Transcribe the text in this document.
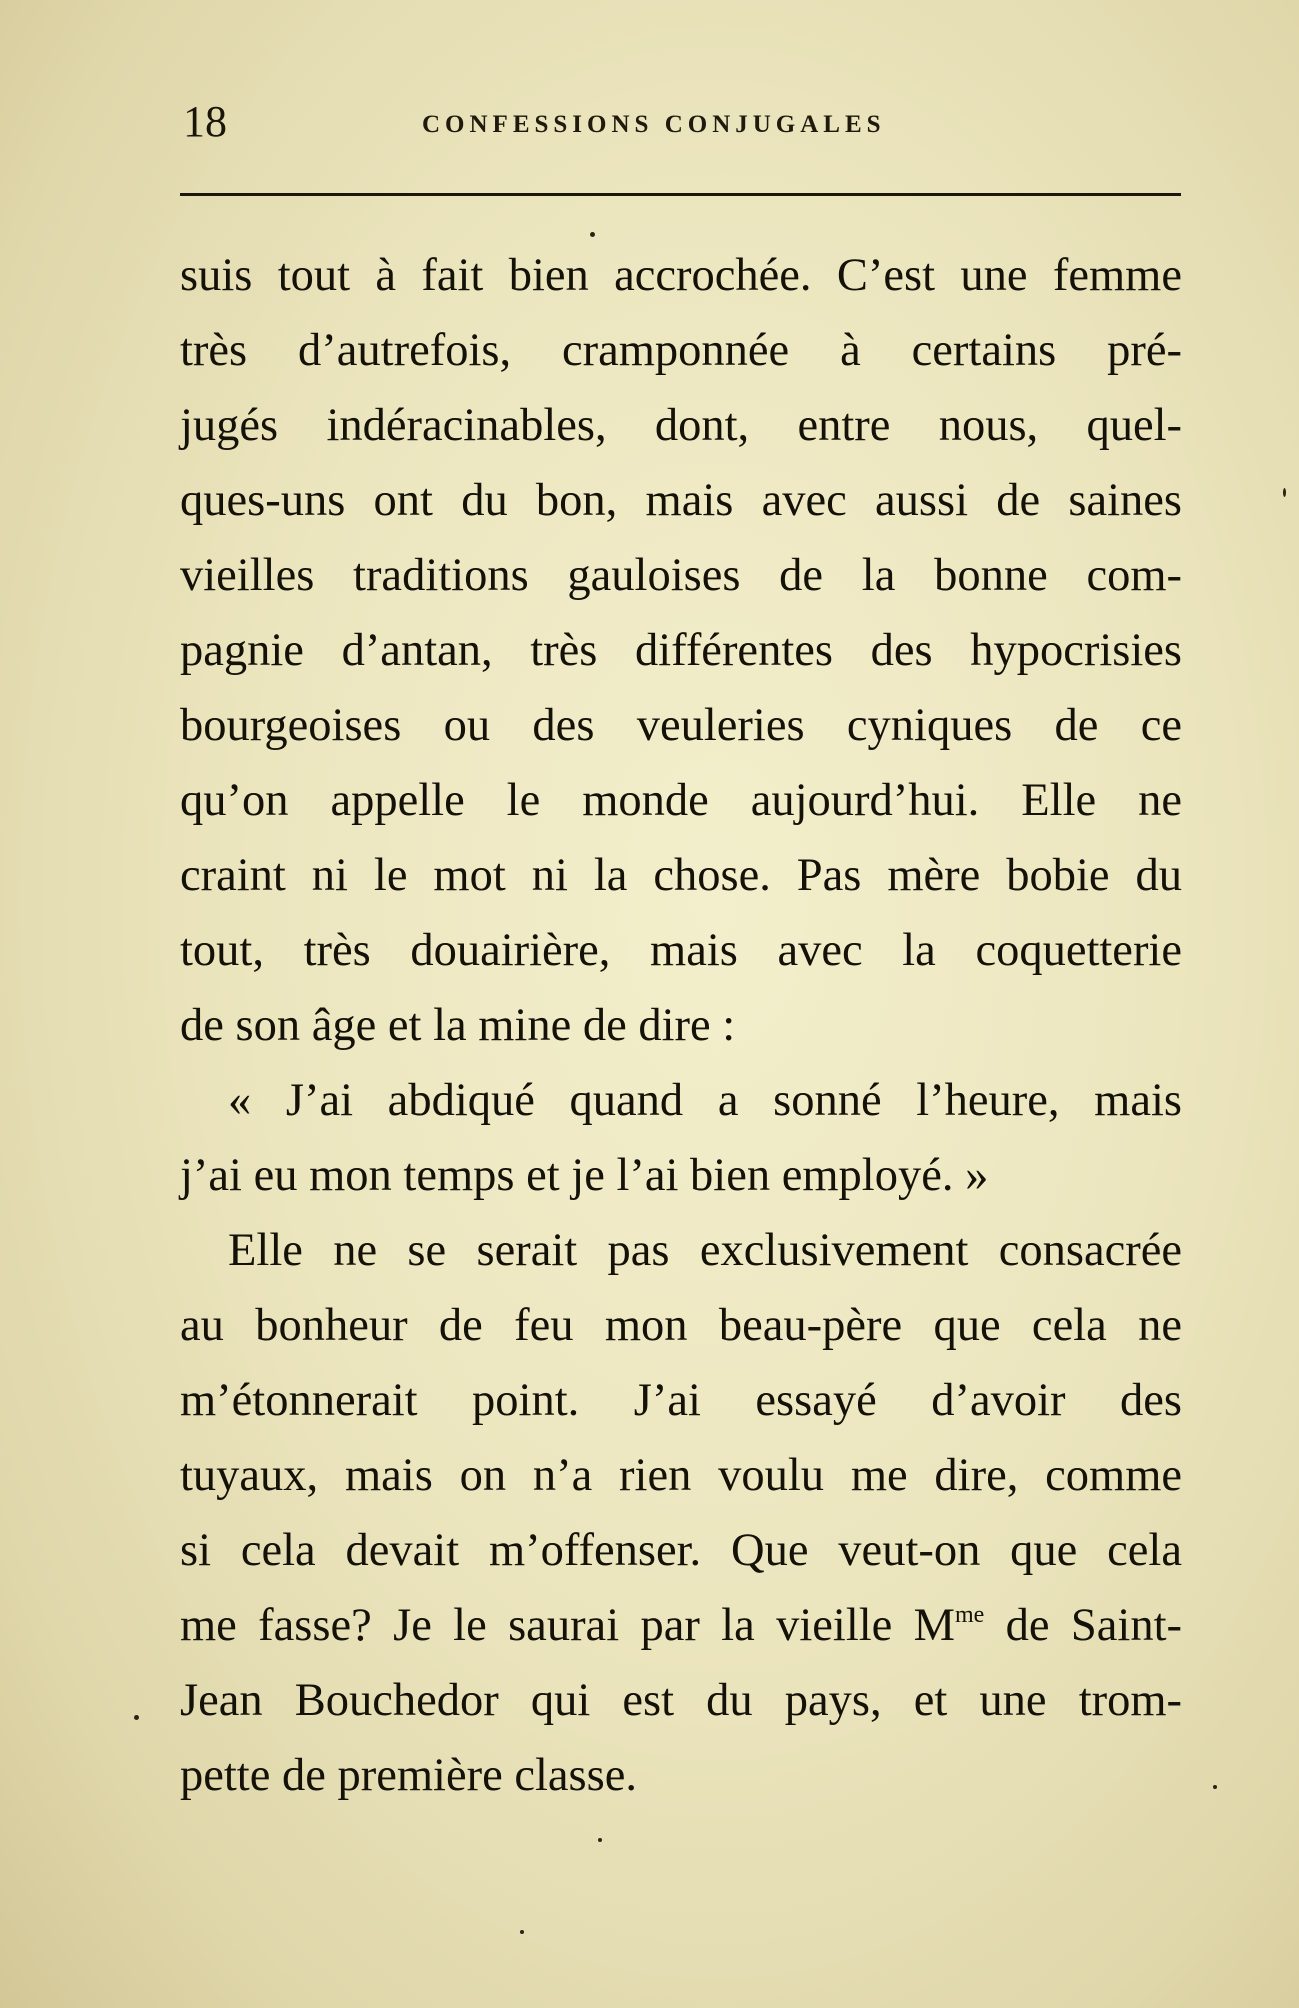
18	CONFESSIONS CONJUGALES
suis tout à fait bien accrochée. C’est une femme
très d’autrefois, cramponnée à certains pré-
jugés indéracinables, dont, entre nous, quel-
ques-uns ont du bon, mais avec aussi de saines
vieilles traditions gauloises de la bonne com-
pagnie d’antan, très différentes des hypocrisies
bourgeoises ou des veuleries cyniques de ce
qu’on appelle le monde aujourd’hui. Elle ne
craint ni le mot ni la chose. Pas mère bobie du
tout, très douairière, mais avec la coquetterie
de son âge et la mine de dire :
« J’ai abdiqué quand a sonné l’heure, mais
j’ai eu mon temps et je l’ai bien employé. »
Elle ne se serait pas exclusivement consacrée
au bonheur de feu mon beau-père que cela ne
m’étonnerait point. J’ai essayé d’avoir des
tuyaux, mais on n’a rien voulu me dire, comme
si cela devait m’offenser. Que veut-on que cela
me fasse? Je le saurai par la vieille $M^{me}$ de Saint-
Jean Bouchedor qui est du pays, et une trom-
pette de première classe.
